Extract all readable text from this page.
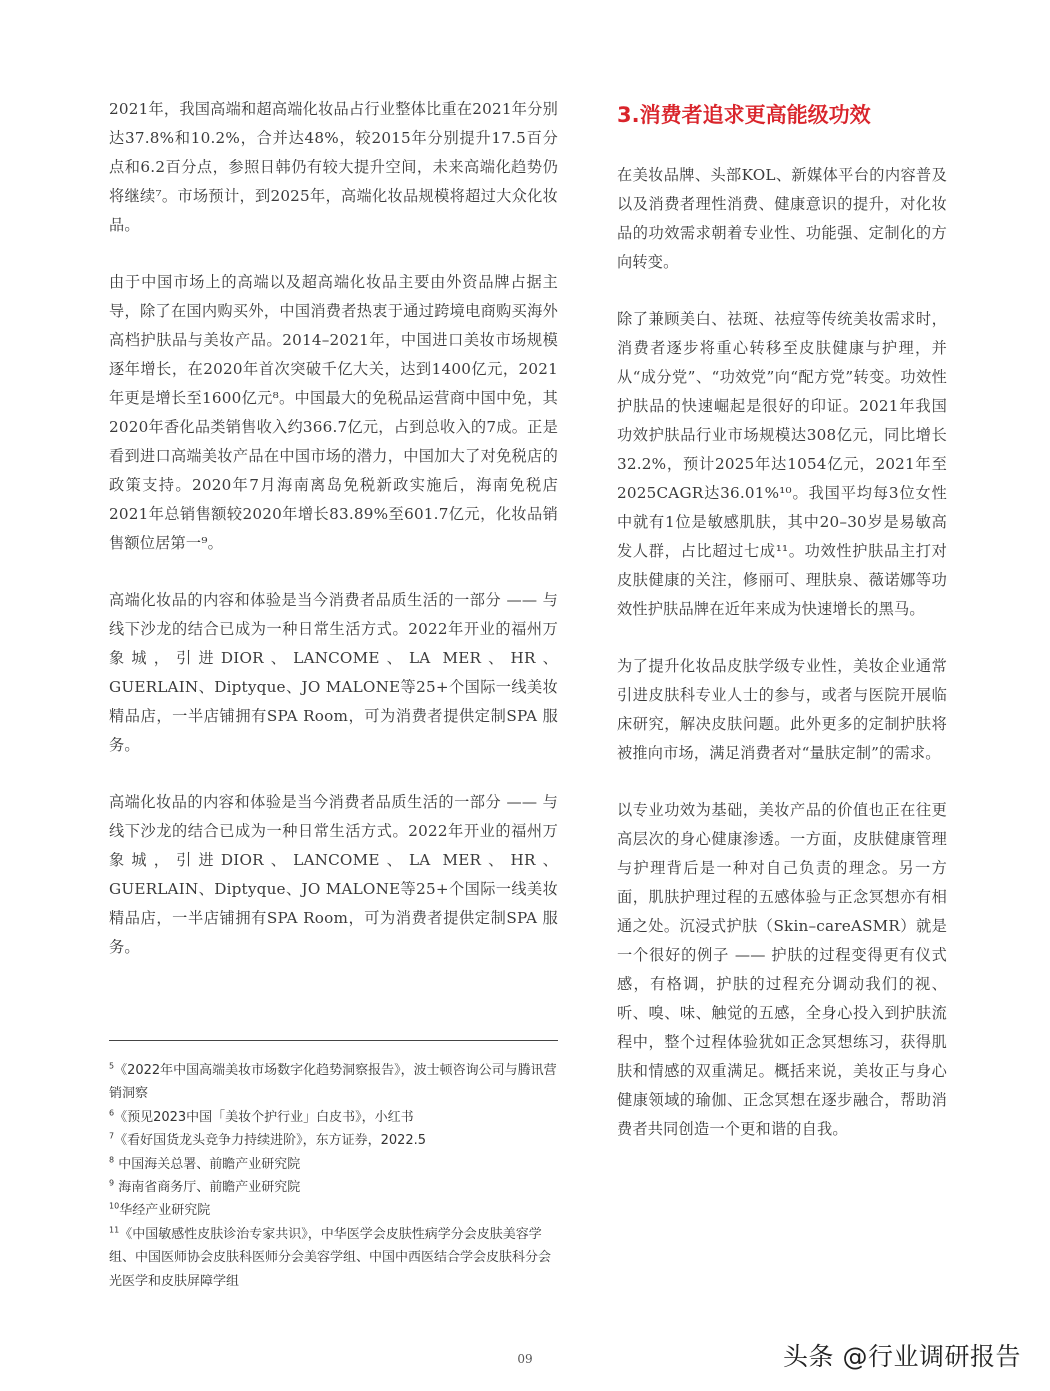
2021年，我国高端和超高端化妆品占行业整体比重在2021年分别达37.8%和10.2%，合并达48%，较2015年分别提升17.5百分点和6.2百分点，参照日韩仍有较大提升空间，未来高端化趋势仍将继续⁷。市场预计，到2025年，高端化妆品规模将超过大众化妆品。

由于中国市场上的高端以及超高端化妆品主要由外资品牌占据主导，除了在国内购买外，中国消费者热衷于通过跨境电商购买海外高档护肤品与美妆产品。2014–2021年，中国进口美妆市场规模逐年增长，在2020年首次突破千亿大关，达到1400亿元，2021年更是增长至1600亿元⁸。中国最大的免税品运营商中国中免，其2020年香化品类销售收入约366.7亿元，占到总收入的7成。正是看到进口高端美妆产品在中国市场的潜力，中国加大了对免税店的政策支持。2020年7月海南离岛免税新政实施后，海南免税店2021年总销售额较2020年增长83.89%至601.7亿元，化妆品销售额位居第一⁹。

高端化妆品的内容和体验是当今消费者品质生活的一部分 —— 与线下沙龙的结合已成为一种日常生活方式。2022年开业的福州万象城，引进DIOR、LANCOME、LA MER、HR、GUERLAIN、Diptyque、JO MALONE等25+个国际一线美妆精品店，一半店铺拥有SPA Room，可为消费者提供定制SPA 服务。

高端化妆品的内容和体验是当今消费者品质生活的一部分 —— 与线下沙龙的结合已成为一种日常生活方式。2022年开业的福州万象城，引进DIOR、LANCOME、LA MER、HR、GUERLAIN、Diptyque、JO MALONE等25+个国际一线美妆精品店，一半店铺拥有SPA Room，可为消费者提供定制SPA 服务。

3.消费者追求更高能级功效

在美妆品牌、头部KOL、新媒体平台的内容普及以及消费者理性消费、健康意识的提升，对化妆品的功效需求朝着专业性、功能强、定制化的方向转变。

除了兼顾美白、祛斑、祛痘等传统美妆需求时，消费者逐步将重心转移至皮肤健康与护理，并从“成分党”、“功效党”向“配方党”转变。功效性护肤品的快速崛起是很好的印证。2021年我国功效护肤品行业市场规模达308亿元，同比增长32.2%，预计2025年达1054亿元，2021年至2025CAGR达36.01%¹⁰。我国平均每3位女性中就有1位是敏感肌肤，其中20–30岁是易敏高发人群，占比超过七成¹¹。功效性护肤品主打对皮肤健康的关注，修丽可、理肤泉、薇诺娜等功效性护肤品牌在近年来成为快速增长的黑马。

为了提升化妆品皮肤学级专业性，美妆企业通常引进皮肤科专业人士的参与，或者与医院开展临床研究，解决皮肤问题。此外更多的定制护肤将被推向市场，满足消费者对“量肤定制”的需求。

以专业功效为基础，美妆产品的价值也正在往更高层次的身心健康渗透。一方面，皮肤健康管理与护理背后是一种对自己负责的理念。另一方面，肌肤护理过程的五感体验与正念冥想亦有相通之处。沉浸式护肤（Skin–careASMR）就是一个很好的例子 —— 护肤的过程变得更有仪式感，有格调，护肤的过程充分调动我们的视、听、嗅、味、触觉的五感，全身心投入到护肤流程中，整个过程体验犹如正念冥想练习，获得肌肤和情感的双重满足。概括来说，美妆正与身心健康领域的瑜伽、正念冥想在逐步融合，帮助消费者共同创造一个更和谐的自我。

$^5$《2022年中国高端美妆市场数字化趋势洞察报告》，波士顿咨询公司与腾讯营销洞察
$^6$《预见2023中国「美妆个护行业」白皮书》，小红书
$^7$《看好国货龙头竞争力持续进阶》，东方证券，2022.5
$^8$ 中国海关总署、前瞻产业研究院
$^9$ 海南省商务厅、前瞻产业研究院
$^{10}$华经产业研究院
$^{11}$《中国敏感性皮肤诊治专家共识》，中华医学会皮肤性病学分会皮肤美容学组、中国医师协会皮肤科医师分会美容学组、中国中西医结合学会皮肤科分会光医学和皮肤屏障学组
09	头条 @行业调研报告
